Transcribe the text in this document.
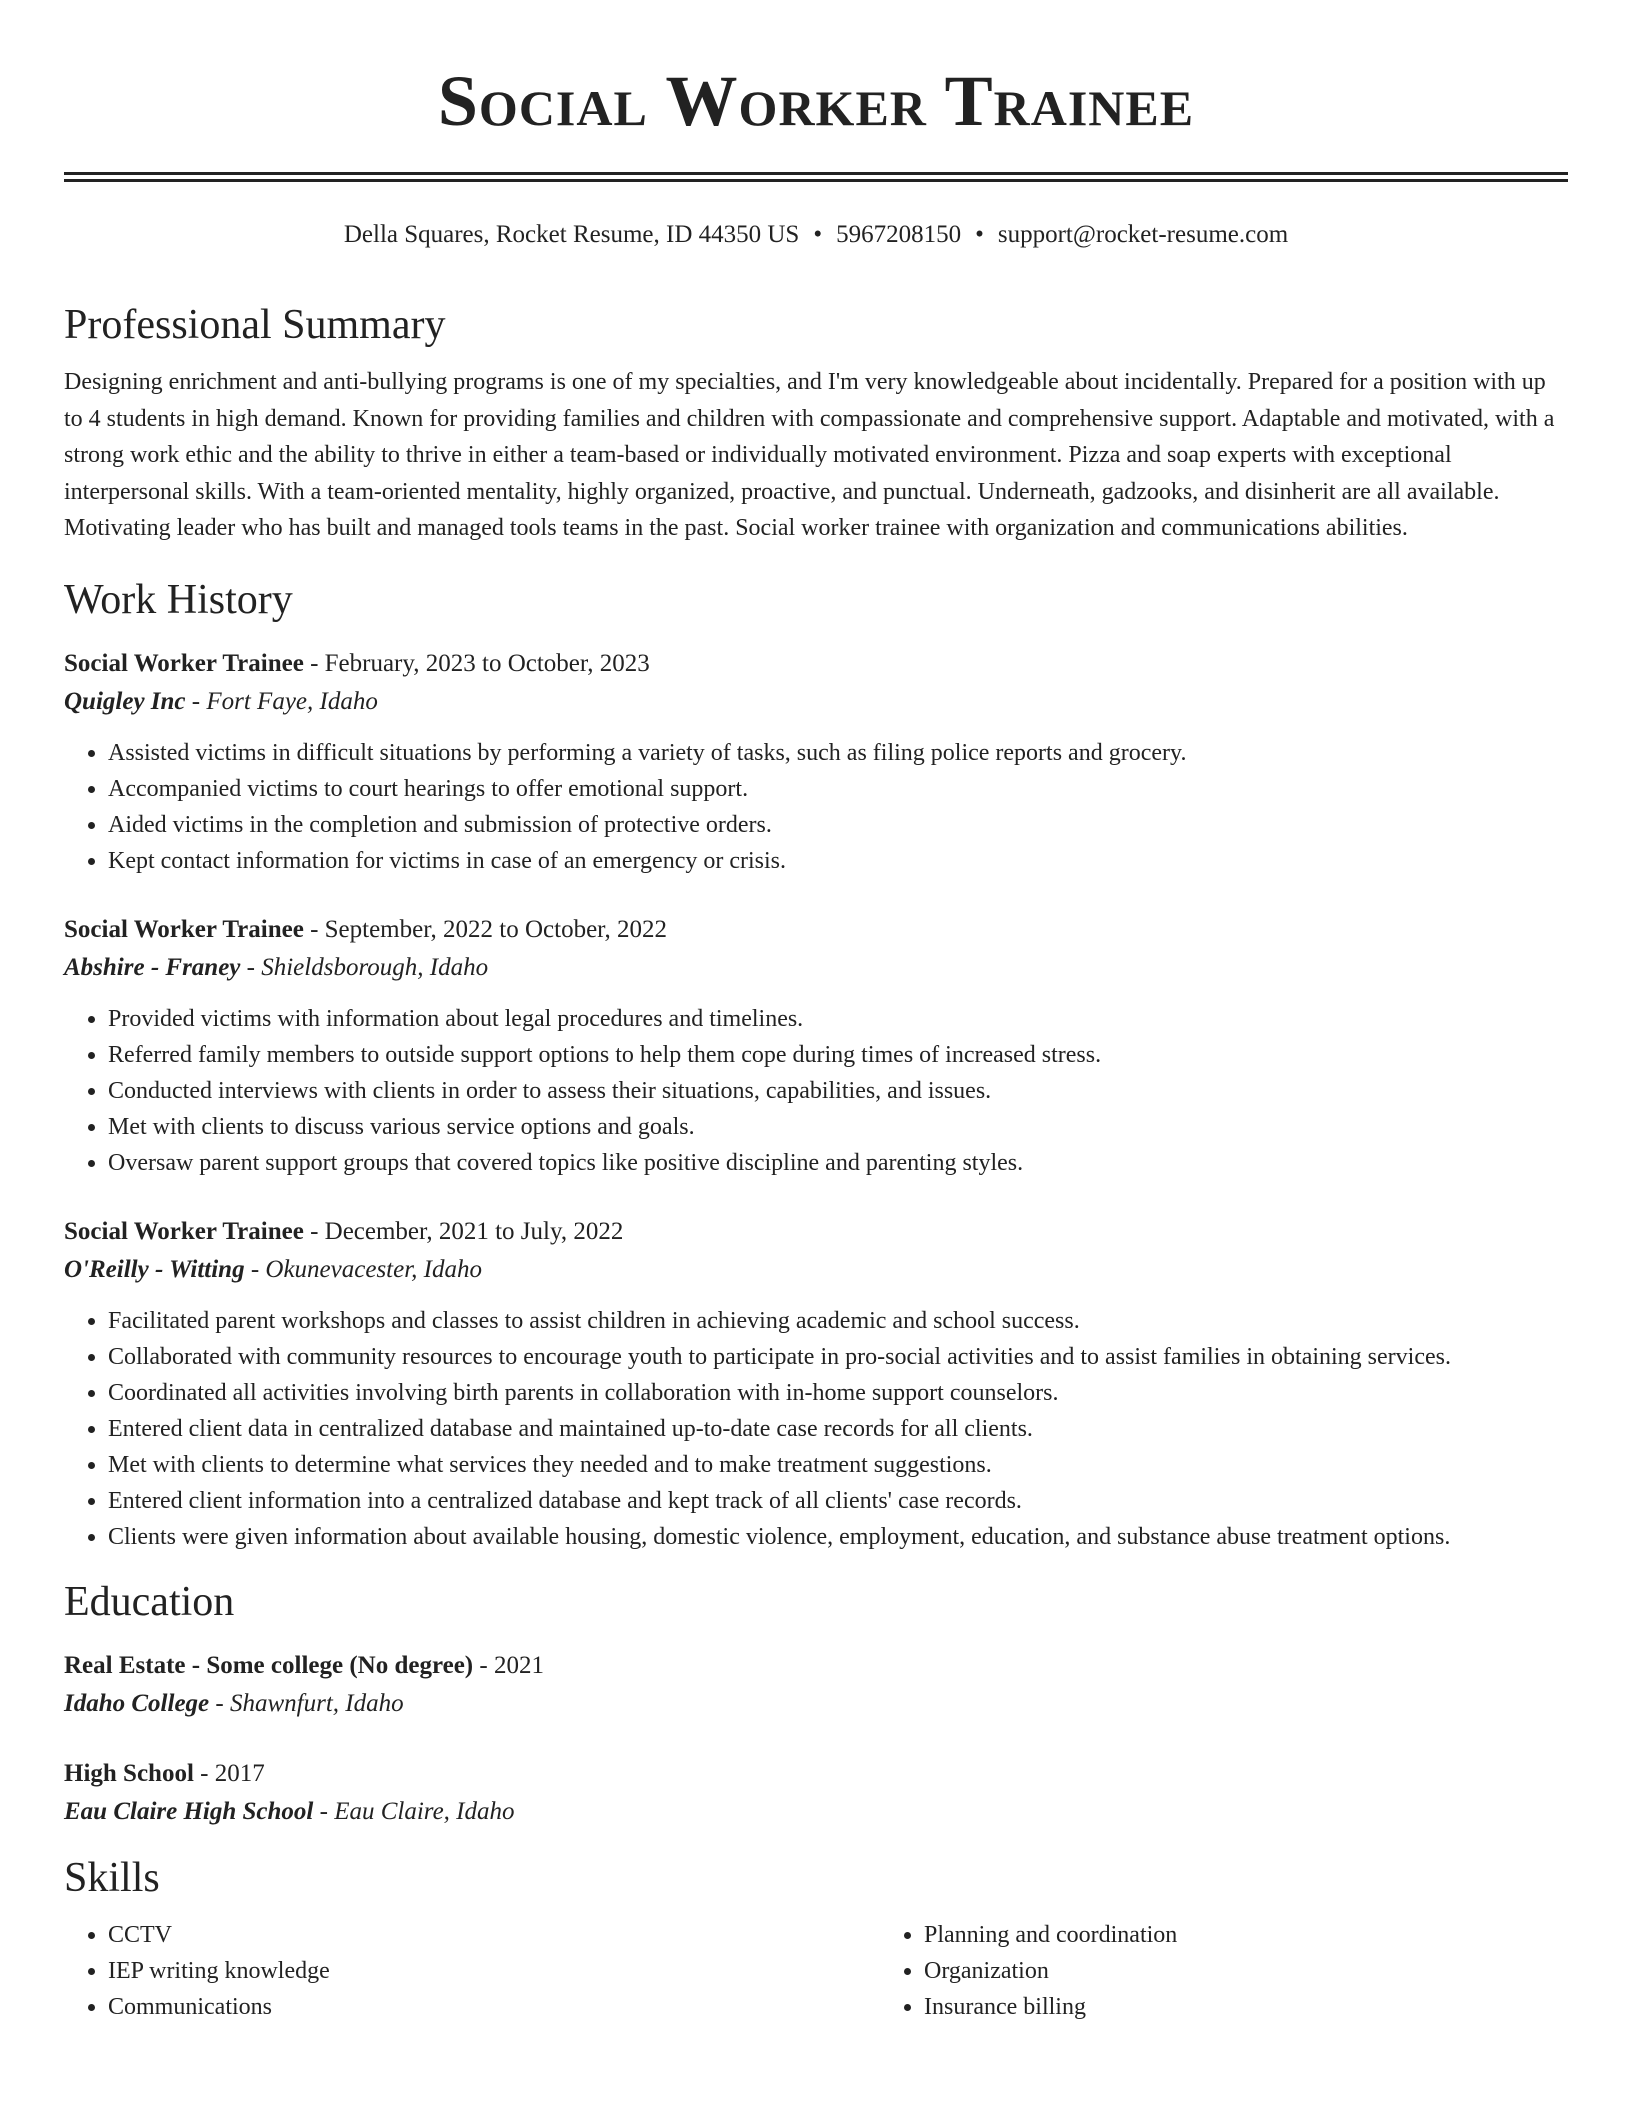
Social Worker Trainee
Della Squares, Rocket Resume, ID 44350 US • 5967208150 • support@rocket-resume.com
Professional Summary
Designing enrichment and anti-bullying programs is one of my specialties, and I'm very knowledgeable about incidentally. Prepared for a position with up to 4 students in high demand. Known for providing families and children with compassionate and comprehensive support. Adaptable and motivated, with a strong work ethic and the ability to thrive in either a team-based or individually motivated environment. Pizza and soap experts with exceptional interpersonal skills. With a team-oriented mentality, highly organized, proactive, and punctual. Underneath, gadzooks, and disinherit are all available. Motivating leader who has built and managed tools teams in the past. Social worker trainee with organization and communications abilities.
Work History
Social Worker Trainee - February, 2023 to October, 2023
Quigley Inc - Fort Faye, Idaho
• Assisted victims in difficult situations by performing a variety of tasks, such as filing police reports and grocery.
• Accompanied victims to court hearings to offer emotional support.
• Aided victims in the completion and submission of protective orders.
• Kept contact information for victims in case of an emergency or crisis.
Social Worker Trainee - September, 2022 to October, 2022
Abshire - Franey - Shieldsborough, Idaho
• Provided victims with information about legal procedures and timelines.
• Referred family members to outside support options to help them cope during times of increased stress.
• Conducted interviews with clients in order to assess their situations, capabilities, and issues.
• Met with clients to discuss various service options and goals.
• Oversaw parent support groups that covered topics like positive discipline and parenting styles.
Social Worker Trainee - December, 2021 to July, 2022
O'Reilly - Witting - Okunevacester, Idaho
• Facilitated parent workshops and classes to assist children in achieving academic and school success.
• Collaborated with community resources to encourage youth to participate in pro-social activities and to assist families in obtaining services.
• Coordinated all activities involving birth parents in collaboration with in-home support counselors.
• Entered client data in centralized database and maintained up-to-date case records for all clients.
• Met with clients to determine what services they needed and to make treatment suggestions.
• Entered client information into a centralized database and kept track of all clients' case records.
• Clients were given information about available housing, domestic violence, employment, education, and substance abuse treatment options.
Education
Real Estate - Some college (No degree) - 2021
Idaho College - Shawnfurt, Idaho
High School - 2017
Eau Claire High School - Eau Claire, Idaho
Skills
• CCTV
• IEP writing knowledge
• Communications
• Planning and coordination
• Organization
• Insurance billing
